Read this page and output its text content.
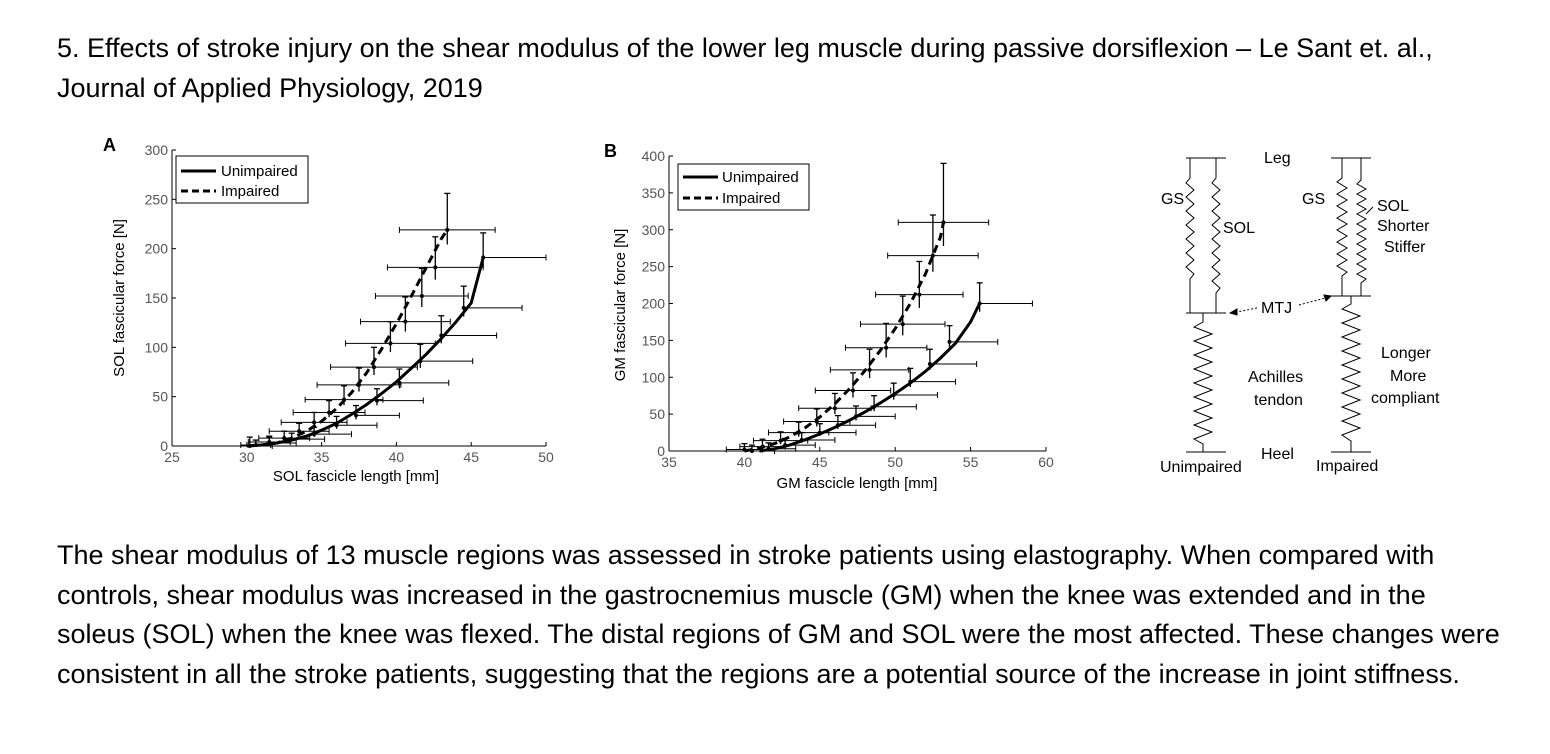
5. Effects of stroke injury on the shear modulus of the lower leg muscle during passive dorsiflexion – Le Sant et. al., Journal of Applied Physiology, 2019
A
0
50
100
150
200
250
300
25	30	35	40	45	50
SOL fascicle length [mm]
SOL fascicular force [N]
Unimpaired
Impaired
B
0
50
100
150
200
250
300
350
400
35	40	45	50	55	60
GM fascicle length [mm]
GM fascicular force [N]
Unimpaired
Impaired
Leg
GS
SOL
GS	SOL
Shorter
Stiffer
MTJ
Achilles
tendon
Longer
More
compliant
Heel
Unimpaired	Impaired

The shear modulus of 13 muscle regions was assessed in stroke patients using elastography. When compared with controls, shear modulus was increased in the gastrocnemius muscle (GM) when the knee was extended and in the soleus (SOL) when the knee was flexed. The distal regions of GM and SOL were the most affected. These changes were consistent in all the stroke patients, suggesting that the regions are a potential source of the increase in joint stiffness.
